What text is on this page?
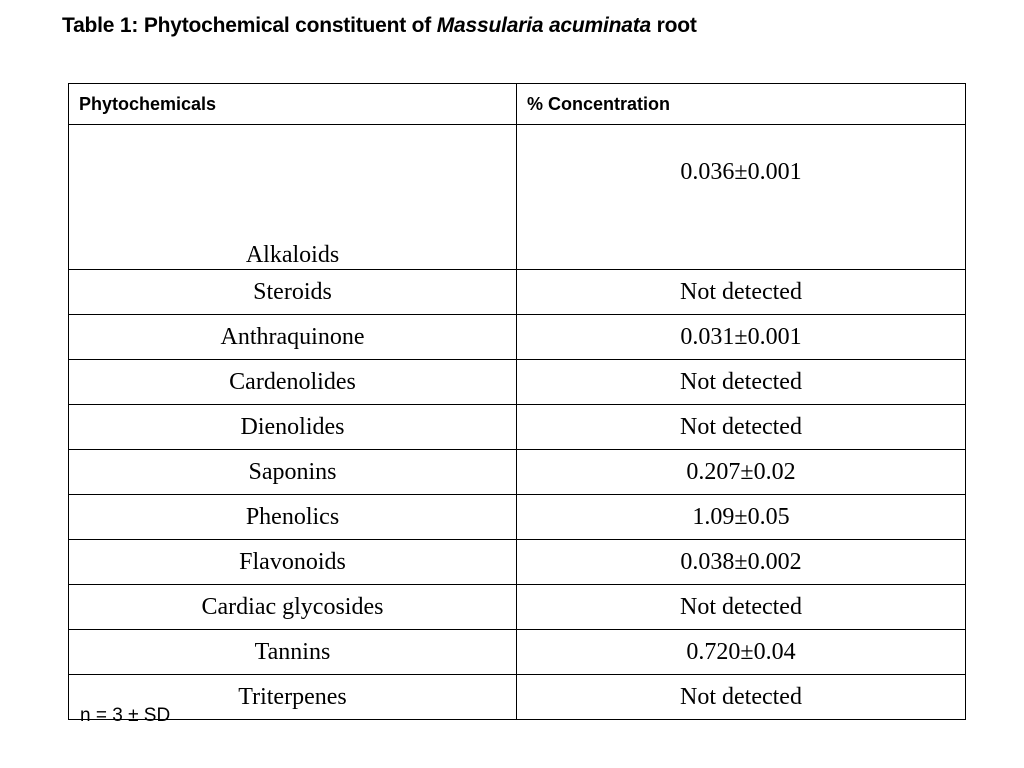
Table 1: Phytochemical constituent of Massularia acuminata root
Phytochemicals	% Concentration
Alkaloids	0.036±0.001
Steroids	Not detected
Anthraquinone	0.031±0.001
Cardenolides	Not detected
Dienolides	Not detected
Saponins	0.207±0.02
Phenolics	1.09±0.05
Flavonoids	0.038±0.002
Cardiac glycosides	Not detected
Tannins	0.720±0.04
Triterpenes	Not detected
n = 3 ± SD
